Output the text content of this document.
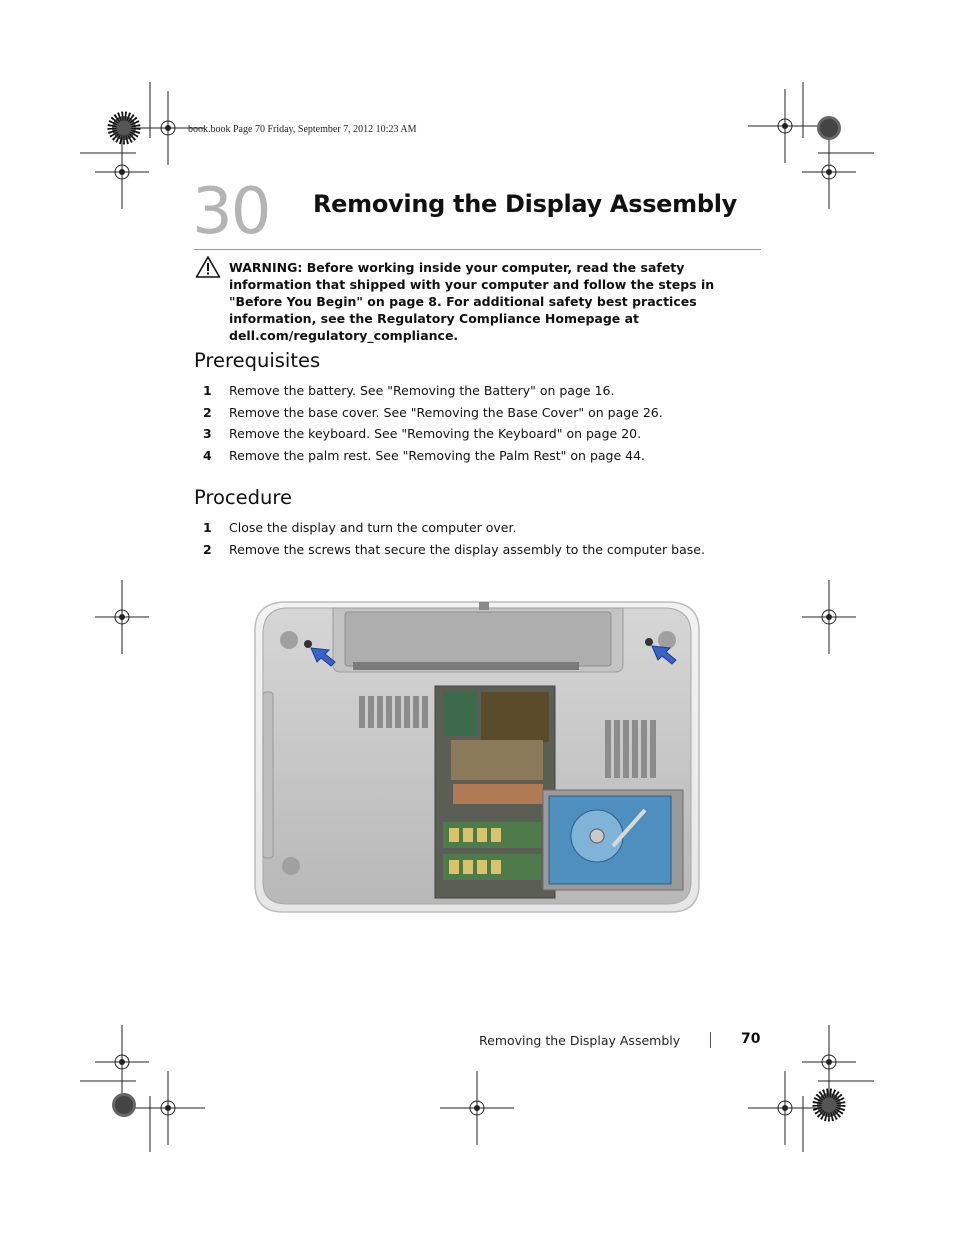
book.book Page 70 Friday, September 7, 2012 10:23 AM
30 Removing the Display Assembly
WARNING: Before working inside your computer, read the safety information that shipped with your computer and follow the steps in "Before You Begin" on page 8. For additional safety best practices information, see the Regulatory Compliance Homepage at dell.com/regulatory_compliance.
Prerequisites
1 Remove the battery. See "Removing the Battery" on page 16.
2 Remove the base cover. See "Removing the Base Cover" on page 26.
3 Remove the keyboard. See "Removing the Keyboard" on page 20.
4 Remove the palm rest. See "Removing the Palm Rest" on page 44.
Procedure
1 Close the display and turn the computer over.
2 Remove the screws that secure the display assembly to the computer base.
Removing the Display Assembly	70
